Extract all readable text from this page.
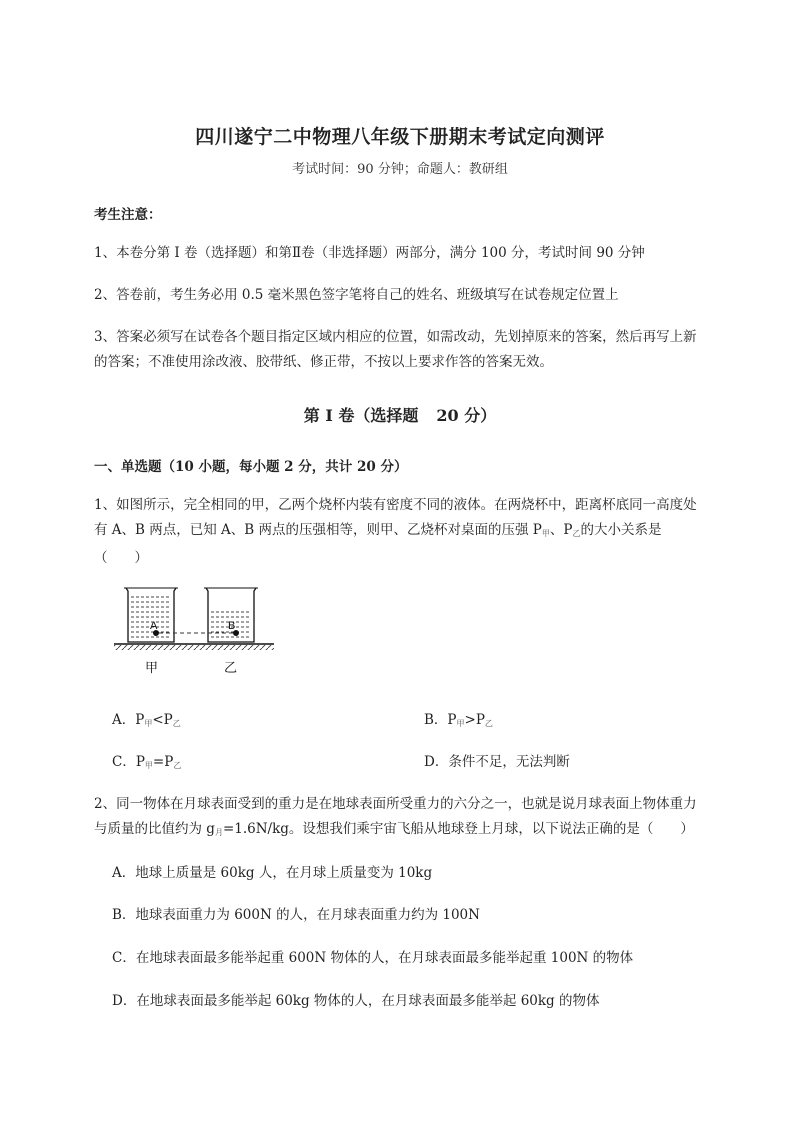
四川遂宁二中物理八年级下册期末考试定向测评
考试时间：90 分钟；命题人：教研组
考生注意：
1、本卷分第 I 卷（选择题）和第Ⅱ卷（非选择题）两部分，满分 100 分，考试时间 90 分钟
2、答卷前，考生务必用 0.5 毫米黑色签字笔将自己的姓名、班级填写在试卷规定位置上
3、答案必须写在试卷各个题目指定区域内相应的位置，如需改动，先划掉原来的答案，然后再写上新的答案；不准使用涂改液、胶带纸、修正带，不按以上要求作答的答案无效。
第 I 卷（选择题 20 分）
一、单选题（10 小题，每小题 2 分，共计 20 分）
1、如图所示，完全相同的甲，乙两个烧杯内装有密度不同的液体。在两烧杯中，距离杯底同一高度处
有 A、B 两点，已知 A、B 两点的压强相等，则甲、乙烧杯对桌面的压强 $P_甲$、$P_乙$的大小关系是（　　）
A	B
甲	乙
A．$P_甲<P_乙$	B．$P_甲>P_乙$
C．$P_甲=P_乙$	D．条件不足，无法判断
2、同一物体在月球表面受到的重力是在地球表面所受重力的六分之一，也就是说月球表面上物体重力
与质量的比值约为 $g_月=1.6N/kg$。设想我们乘宇宙飞船从地球登上月球，以下说法正确的是（　　）
A．地球上质量是 60kg 人，在月球上质量变为 10kg
B．地球表面重力为 600N 的人，在月球表面重力约为 100N
C．在地球表面最多能举起重 600N 物体的人，在月球表面最多能举起重 100N 的物体
D．在地球表面最多能举起 60kg 物体的人，在月球表面最多能举起 60kg 的物体
